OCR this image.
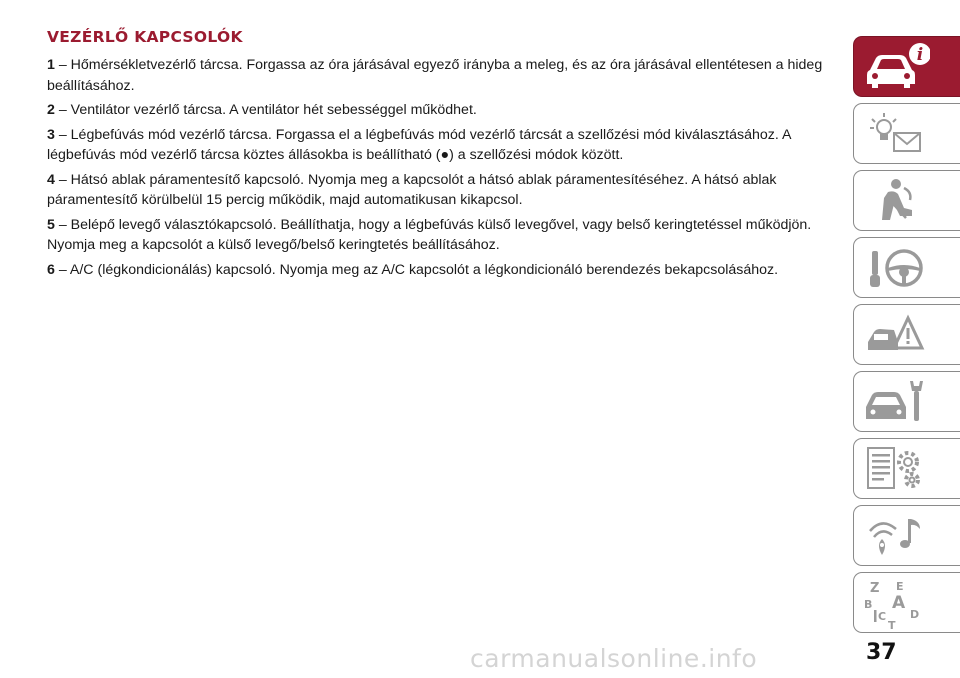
VEZÉRLŐ KAPCSOLÓK

1 – Hőmérsékletvezérlő tárcsa. Forgassa az óra járásával egyező irányba a meleg, és az óra járásával ellentétesen a hideg beállításához.

2 – Ventilátor vezérlő tárcsa. A ventilátor hét sebességgel működhet.

3 – Légbefúvás mód vezérlő tárcsa. Forgassa el a légbefúvás mód vezérlő tárcsát a szellőzési mód kiválasztásához. A légbefúvás mód vezérlő tárcsa köztes állásokba is beállítható (●) a szellőzési módok között.

4 – Hátsó ablak páramentesítő kapcsoló. Nyomja meg a kapcsolót a hátsó ablak páramentesítéséhez. A hátsó ablak páramentesítő körülbelül 15 percig működik, majd automatikusan kikapcsol.

5 – Belépő levegő választókapcsoló. Beállíthatja, hogy a légbefúvás külső levegővel, vagy belső keringtetéssel működjön. Nyomja meg a kapcsolót a külső levegő/belső keringtetés beállításához.

6 – A/C (légkondicionálás) kapcsoló. Nyomja meg az A/C kapcsolót a légkondicionáló berendezés bekapcsolásához.

i
Z E
B A
C D
T
carmanualsonline.info	37
